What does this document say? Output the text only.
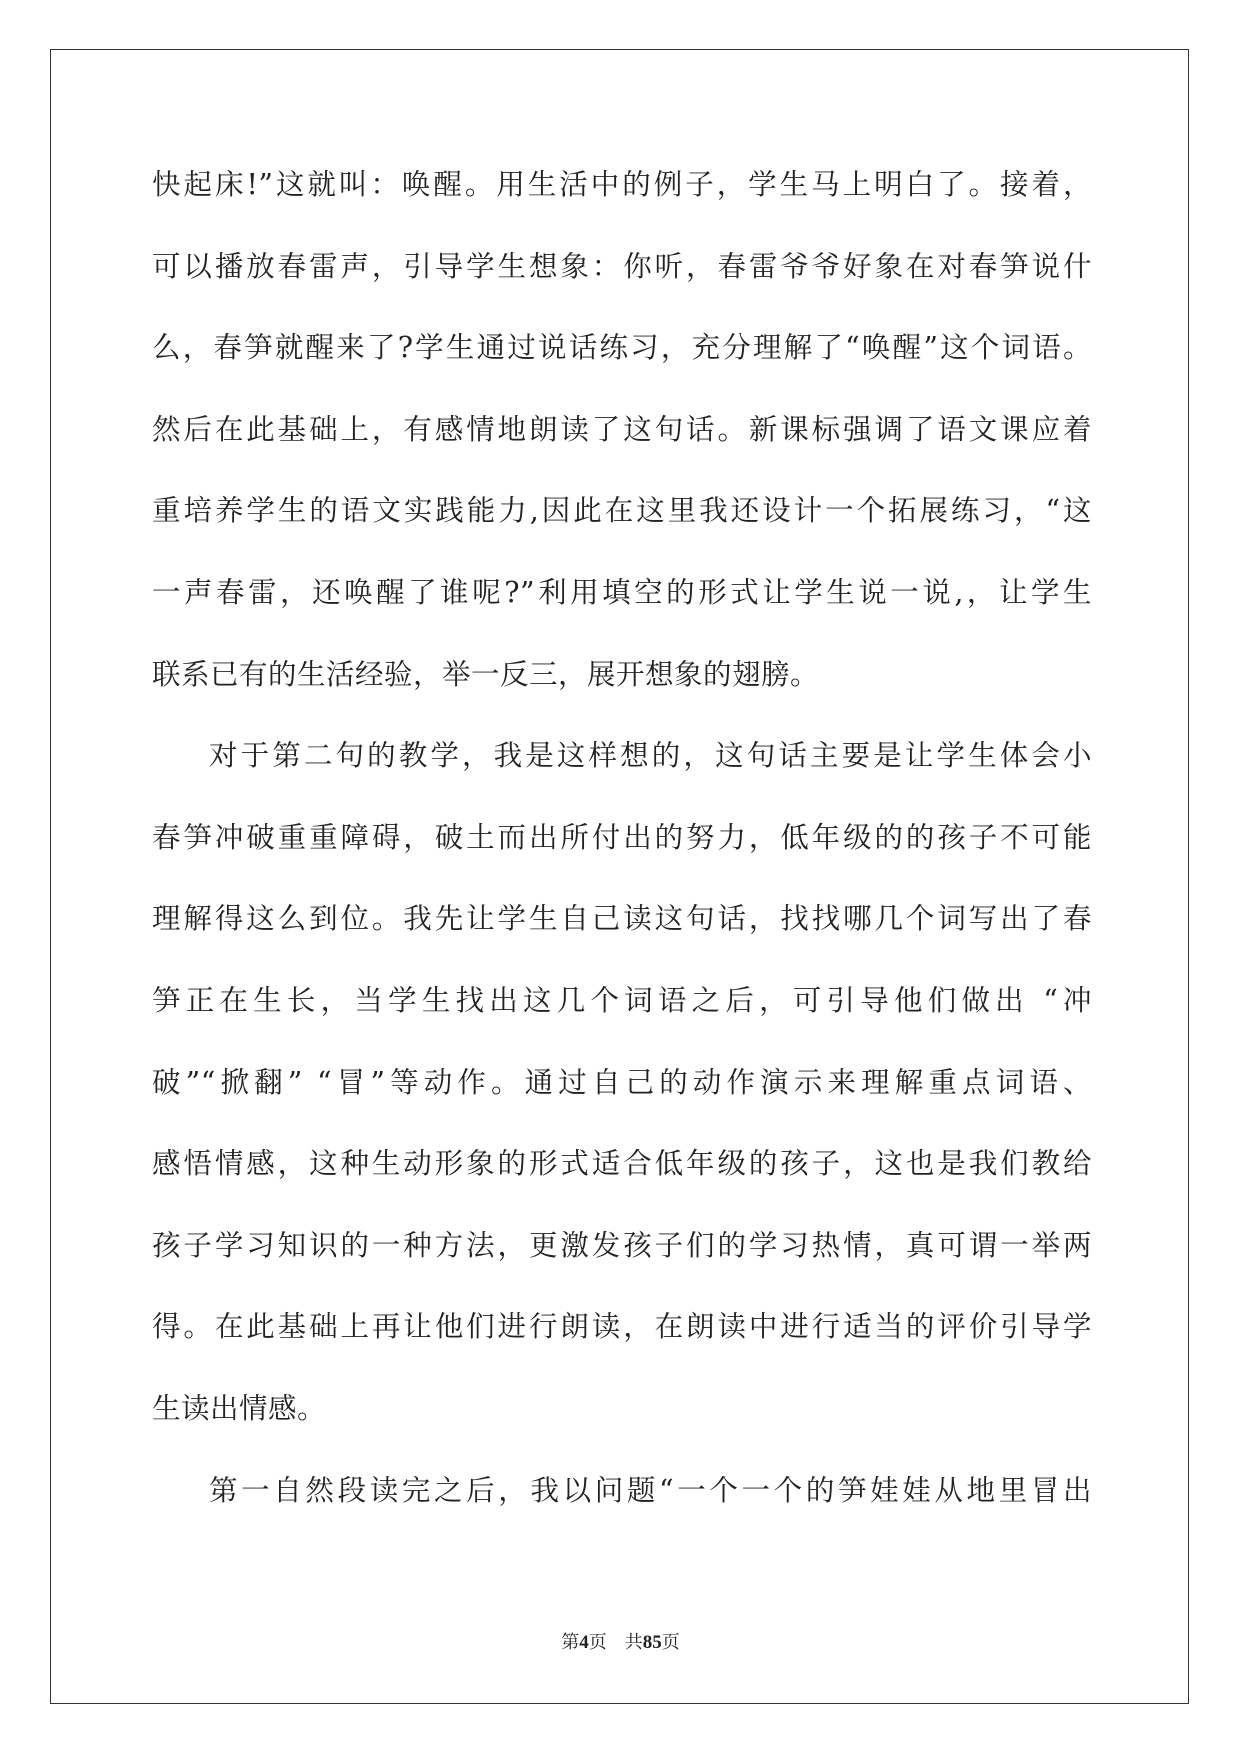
快起床!”这就叫：唤醒。用生活中的例子，学生马上明白了。接着，
可以播放春雷声，引导学生想象：你听，春雷爷爷好象在对春笋说什
么，春笋就醒来了?学生通过说话练习，充分理解了“唤醒”这个词语。
然后在此基础上，有感情地朗读了这句话。新课标强调了语文课应着
重培养学生的语文实践能力,因此在这里我还设计一个拓展练习，“这
一声春雷，还唤醒了谁呢?”利用填空的形式让学生说一说,，让学生
联系已有的生活经验，举一反三，展开想象的翅膀。
对于第二句的教学，我是这样想的，这句话主要是让学生体会小
春笋冲破重重障碍，破土而出所付出的努力，低年级的的孩子不可能
理解得这么到位。我先让学生自己读这句话，找找哪几个词写出了春
笋正在生长，当学生找出这几个词语之后，可引导他们做出 “冲
破”“掀翻” “冒”等动作。通过自己的动作演示来理解重点词语、
感悟情感，这种生动形象的形式适合低年级的孩子，这也是我们教给
孩子学习知识的一种方法，更激发孩子们的学习热情，真可谓一举两
得。在此基础上再让他们进行朗读，在朗读中进行适当的评价引导学
生读出情感。
第一自然段读完之后，我以问题“一个一个的笋娃娃从地里冒出
第4页 共85页
